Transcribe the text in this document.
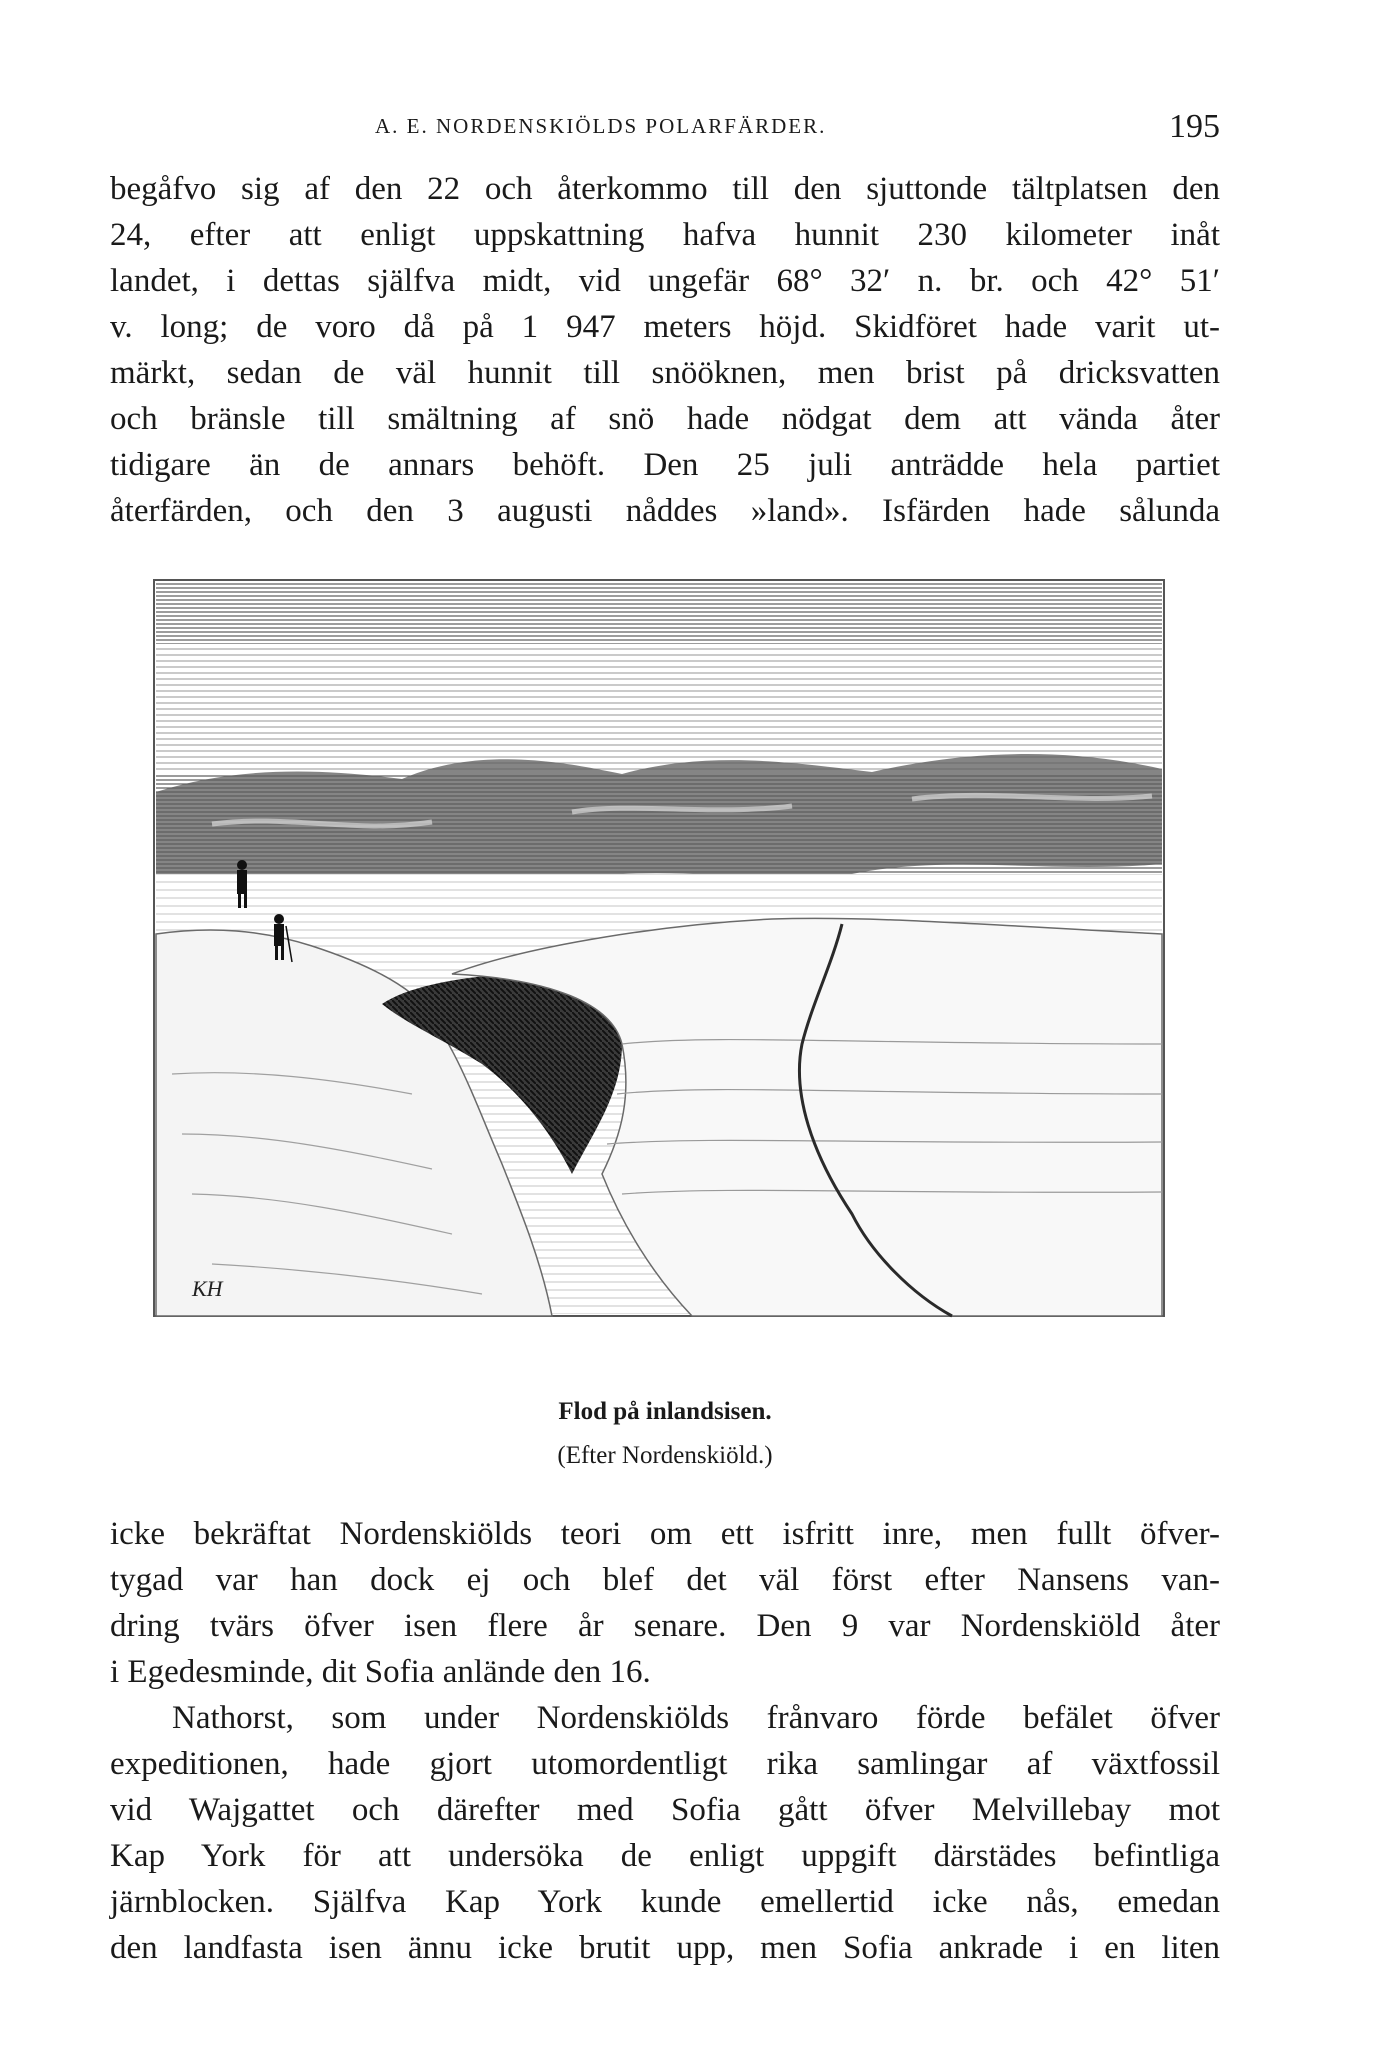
A. E. NORDENSKIÖLDS POLARFÄRDER.	195
begåfvo sig af den 22 och återkommo till den sjuttonde tältplatsen den
24, efter att enligt uppskattning hafva hunnit 230 kilometer inåt
landet, i dettas själfva midt, vid ungefär 68° 32′ n. br. och 42° 51′
v. long; de voro då på 1 947 meters höjd. Skidföret hade varit ut-
märkt, sedan de väl hunnit till snööknen, men brist på dricksvatten
och bränsle till smältning af snö hade nödgat dem att vända åter
tidigare än de annars behöft. Den 25 juli anträdde hela partiet
återfärden, och den 3 augusti nåddes »land». Isfärden hade sålunda
KH
Flod på inlandsisen.
(Efter Nordenskiöld.)
icke bekräftat Nordenskiölds teori om ett isfritt inre, men fullt öfver-
tygad var han dock ej och blef det väl först efter Nansens van-
dring tvärs öfver isen flere år senare. Den 9 var Nordenskiöld åter
i Egedesminde, dit Sofia anlände den 16.
Nathorst, som under Nordenskiölds frånvaro förde befälet öfver
expeditionen, hade gjort utomordentligt rika samlingar af växtfossil
vid Wajgattet och därefter med Sofia gått öfver Melvillebay mot
Kap York för att undersöka de enligt uppgift därstädes befintliga
järnblocken. Själfva Kap York kunde emellertid icke nås, emedan
den landfasta isen ännu icke brutit upp, men Sofia ankrade i en liten
